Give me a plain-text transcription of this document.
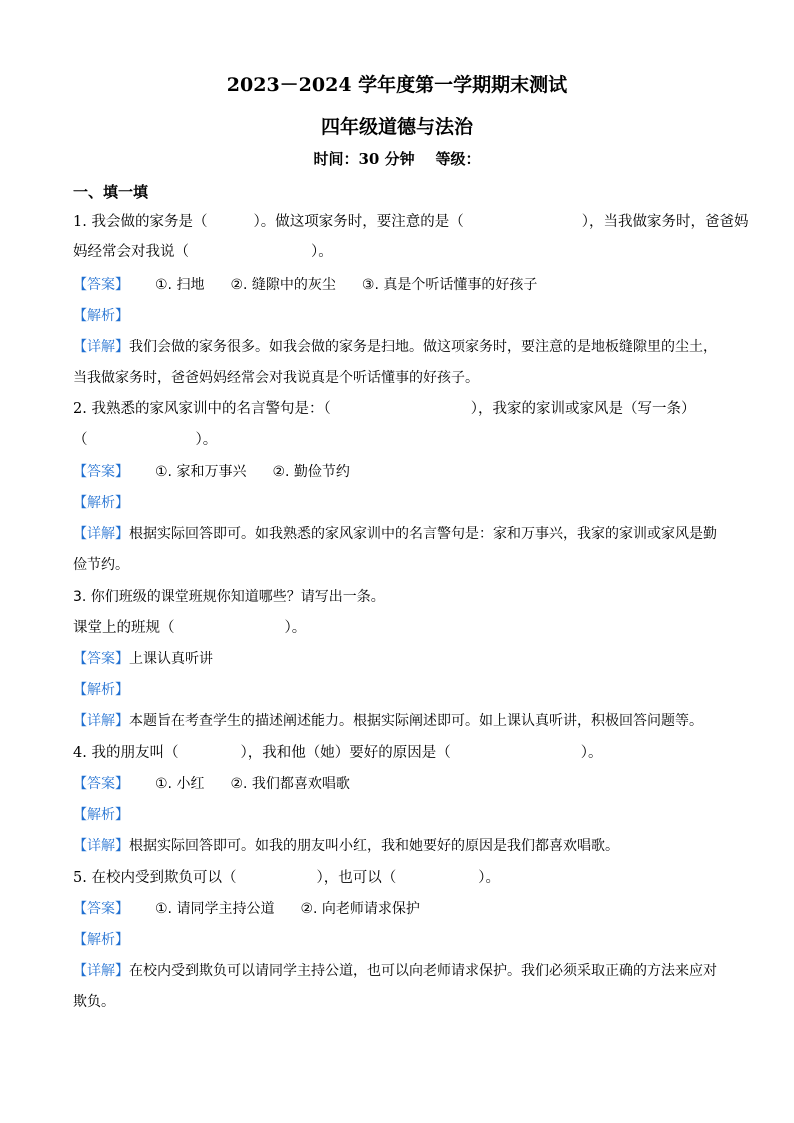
2023－2024 学年度第一学期期末测试
四年级道德与法治
时间：30 分钟    等级：
一、填一填
1. 我会做的家务是（	）。做这项家务时，要注意的是（	），当我做家务时，爸爸妈
妈经常会对我说（	）。
【答案】 ①. 扫地 ②. 缝隙中的灰尘 ③. 真是个听话懂事的好孩子
【解析】
【详解】我们会做的家务很多。如我会做的家务是扫地。做这项家务时，要注意的是地板缝隙里的尘土，
当我做家务时，爸爸妈妈经常会对我说真是个听话懂事的好孩子。
2. 我熟悉的家风家训中的名言警句是：（	），我家的家训或家风是（写一条）
（	）。
【答案】 ①. 家和万事兴 ②. 勤俭节约
【解析】
【详解】根据实际回答即可。如我熟悉的家风家训中的名言警句是：家和万事兴，我家的家训或家风是勤
俭节约。
3. 你们班级的课堂班规你知道哪些？请写出一条。
课堂上的班规（	）。
【答案】上课认真听讲
【解析】
【详解】本题旨在考查学生的描述阐述能力。根据实际阐述即可。如上课认真听讲，积极回答问题等。
4. 我的朋友叫（	），我和他（她）要好的原因是（	）。
【答案】 ①. 小红 ②. 我们都喜欢唱歌
【解析】
【详解】根据实际回答即可。如我的朋友叫小红，我和她要好的原因是我们都喜欢唱歌。
5. 在校内受到欺负可以（	），也可以（	）。
【答案】 ①. 请同学主持公道 ②. 向老师请求保护
【解析】
【详解】在校内受到欺负可以请同学主持公道，也可以向老师请求保护。我们必须采取正确的方法来应对
欺负。
